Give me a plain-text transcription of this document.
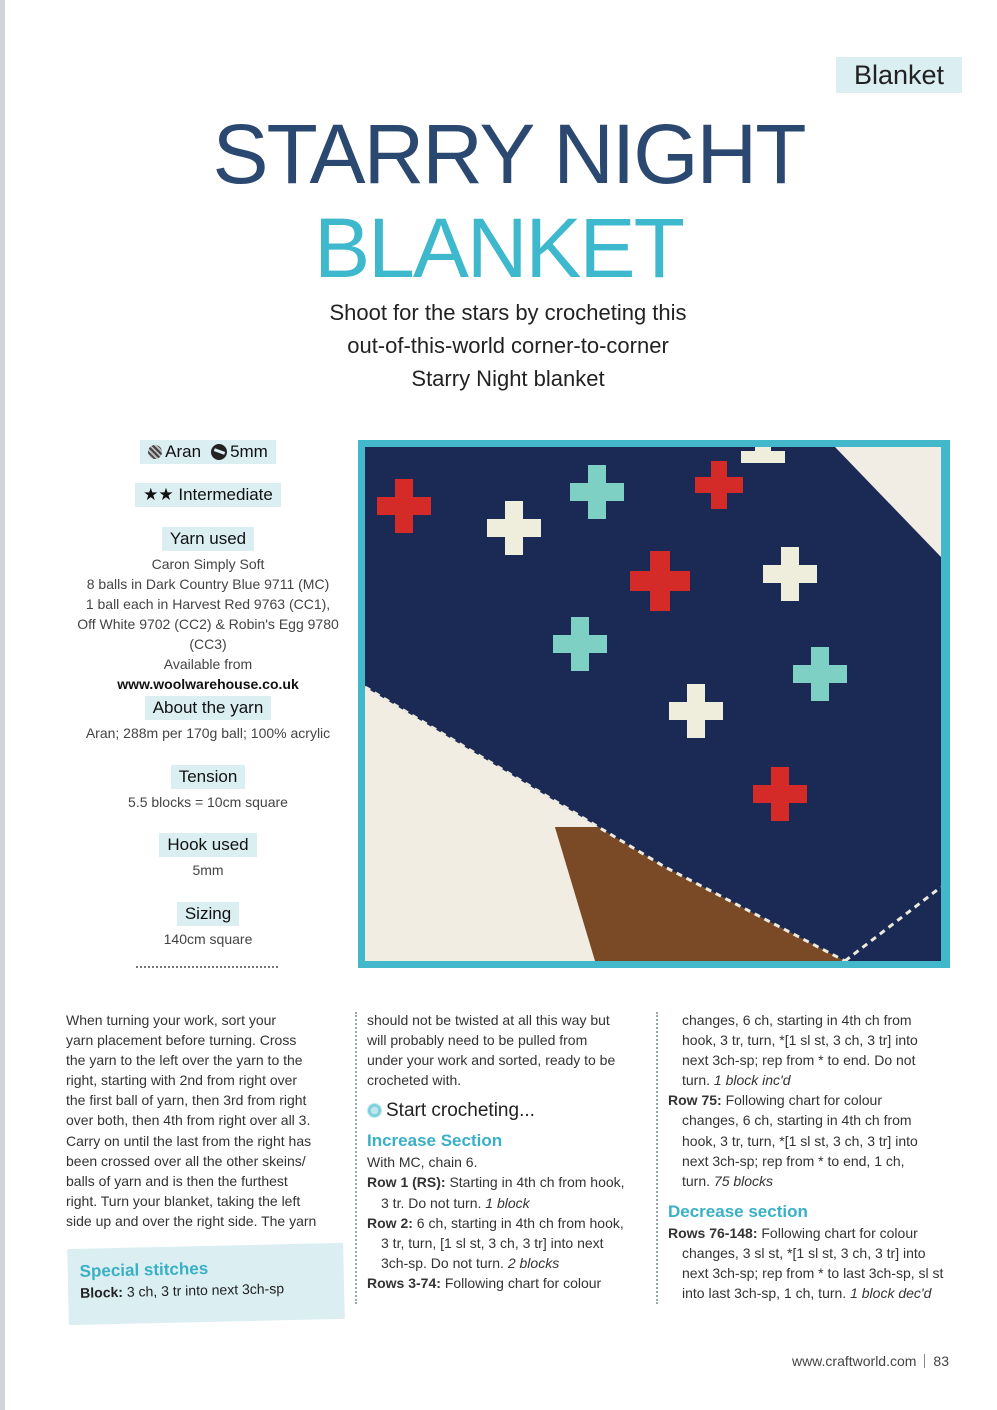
Blanket
STARRY NIGHT
BLANKET
Shoot for the stars by crocheting this
out-of-this-world corner-to-corner
Starry Night blanket
Aran 5mm
★★ Intermediate
Yarn used
Caron Simply Soft
8 balls in Dark Country Blue 9711 (MC)
1 ball each in Harvest Red 9763 (CC1),
Off White 9702 (CC2) & Robin's Egg 9780 (CC3)
Available from
www.woolwarehouse.co.uk
About the yarn
Aran; 288m per 170g ball; 100% acrylic
Tension
5.5 blocks = 10cm square
Hook used
5mm
Sizing
140cm square
When turning your work, sort your
yarn placement before turning. Cross
the yarn to the left over the yarn to the
right, starting with 2nd from right over
the first ball of yarn, then 3rd from right
over both, then 4th from right over all 3.
Carry on until the last from the right has
been crossed over all the other skeins/
balls of yarn and is then the furthest
right. Turn your blanket, taking the left
side up and over the right side. The yarn
Special stitches
Block: 3 ch, 3 tr into next 3ch-sp
should not be twisted at all this way but
will probably need to be pulled from
under your work and sorted, ready to be
crocheted with.
Start crocheting...
Increase Section
With MC, chain 6.
Row 1 (RS): Starting in 4th ch from hook,
3 tr. Do not turn. 1 block
Row 2: 6 ch, starting in 4th ch from hook,
3 tr, turn, [1 sl st, 3 ch, 3 tr] into next
3ch-sp. Do not turn. 2 blocks
Rows 3-74: Following chart for colour
changes, 6 ch, starting in 4th ch from
hook, 3 tr, turn, *[1 sl st, 3 ch, 3 tr] into
next 3ch-sp; rep from * to end. Do not
turn. 1 block inc'd
Row 75: Following chart for colour
changes, 6 ch, starting in 4th ch from
hook, 3 tr, turn, *[1 sl st, 3 ch, 3 tr] into
next 3ch-sp; rep from * to end, 1 ch,
turn. 75 blocks
Decrease section
Rows 76-148: Following chart for colour
changes, 3 sl st, *[1 sl st, 3 ch, 3 tr] into
next 3ch-sp; rep from * to last 3ch-sp, sl st
into last 3ch-sp, 1 ch, turn. 1 block dec'd
www.craftworld.com 83
